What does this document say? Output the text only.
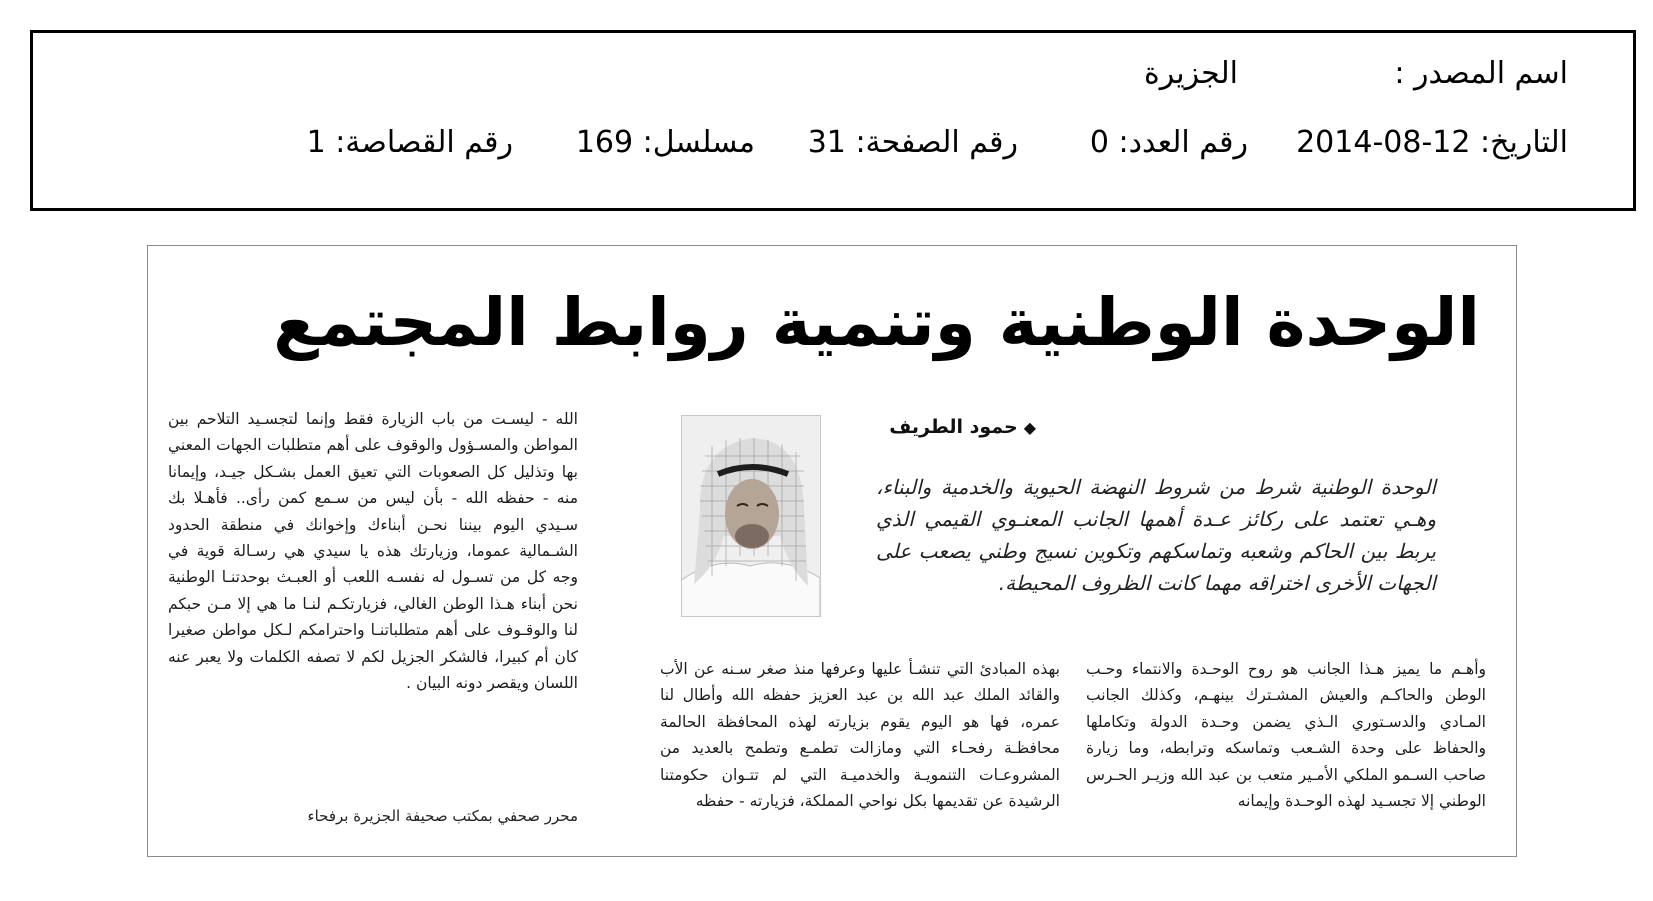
اسم المصدر :
الجزيرة
التاريخ: 12-08-2014
رقم العدد: 0
رقم الصفحة: 31
مسلسل: 169
رقم القصاصة: 1
الوحدة الوطنية وتنمية روابط المجتمع
◆حمود الطريف

الوحدة الوطنية شرط من شروط النهضة الحيوية والخدمية والبناء، وهـي تعتمد على ركائز عـدة أهمها الجانب المعنـوي القيمي الذي يربط بين الحاكم وشعبه وتماسكهم وتكوين نسيج وطني يصعب على الجهات الأخرى اختراقه مهما كانت الظروف المحيطة.

وأهـم ما يميز هـذا الجانب هو روح الوحـدة والانتماء وحـب الوطن والحاكـم والعيش المشـترك بينهـم، وكذلك الجانب المـادي والدسـتوري الـذي يضمن وحـدة الدولة وتكاملها والحفاظ على وحدة الشـعب وتماسكه وترابطه، وما زيارة صاحب السـمو الملكي الأمـير متعب بن عبد الله وزيـر الحـرس الوطني إلا تجسـيد لهذه الوحـدة وإيمانه

بهذه المبادئ التي تنشـأ عليها وعرفها منذ صغر سـنه عن الأب والقائد الملك عبد الله بن عبد العزيز حفظه الله وأطال لنا عمره، فها هو اليوم يقوم بزيارته لهذه المحافظة الحالمة محافظـة رفحـاء التي ومازالت تطمـع وتطمح بالعديد من المشروعـات التنمويـة والخدميـة التي لم تتـوان حكومتنا الرشيدة عن تقديمها بكل نواحي المملكة، فزيارته - حفظه

الله - ليسـت من باب الزيارة فقط وإنما لتجسـيد التلاحم بين المواطن والمسـؤول والوقوف على أهم متطلبات الجهات المعني بها وتذليل كل الصعوبات التي تعيق العمل بشـكل جيـد، وإيمانا منه - حفظه الله - بأن ليس من سـمع كمن رأى.. فأهـلا بك سـيدي اليوم بيننا نحـن أبناءك وإخوانك في منطقة الحدود الشـمالية عموما، وزيارتك هذه يا سيدي هي رسـالة قوية في وجه كل من تسـول له نفسـه اللعب أو العبـث بوحدتنـا الوطنية نحن أبناء هـذا الوطن الغالي، فزيارتكـم لنـا ما هي إلا مـن حبكم لنا والوقـوف على أهم متطلباتنـا واحترامكم لـكل مواطن صغيرا كان أم كبيرا، فالشكر الجزيل لكم لا تصفه الكلمات ولا يعبر عنه اللسان ويقصر دونه البيان .

محرر صحفي بمكتب صحيفة الجزيرة برفحاء
